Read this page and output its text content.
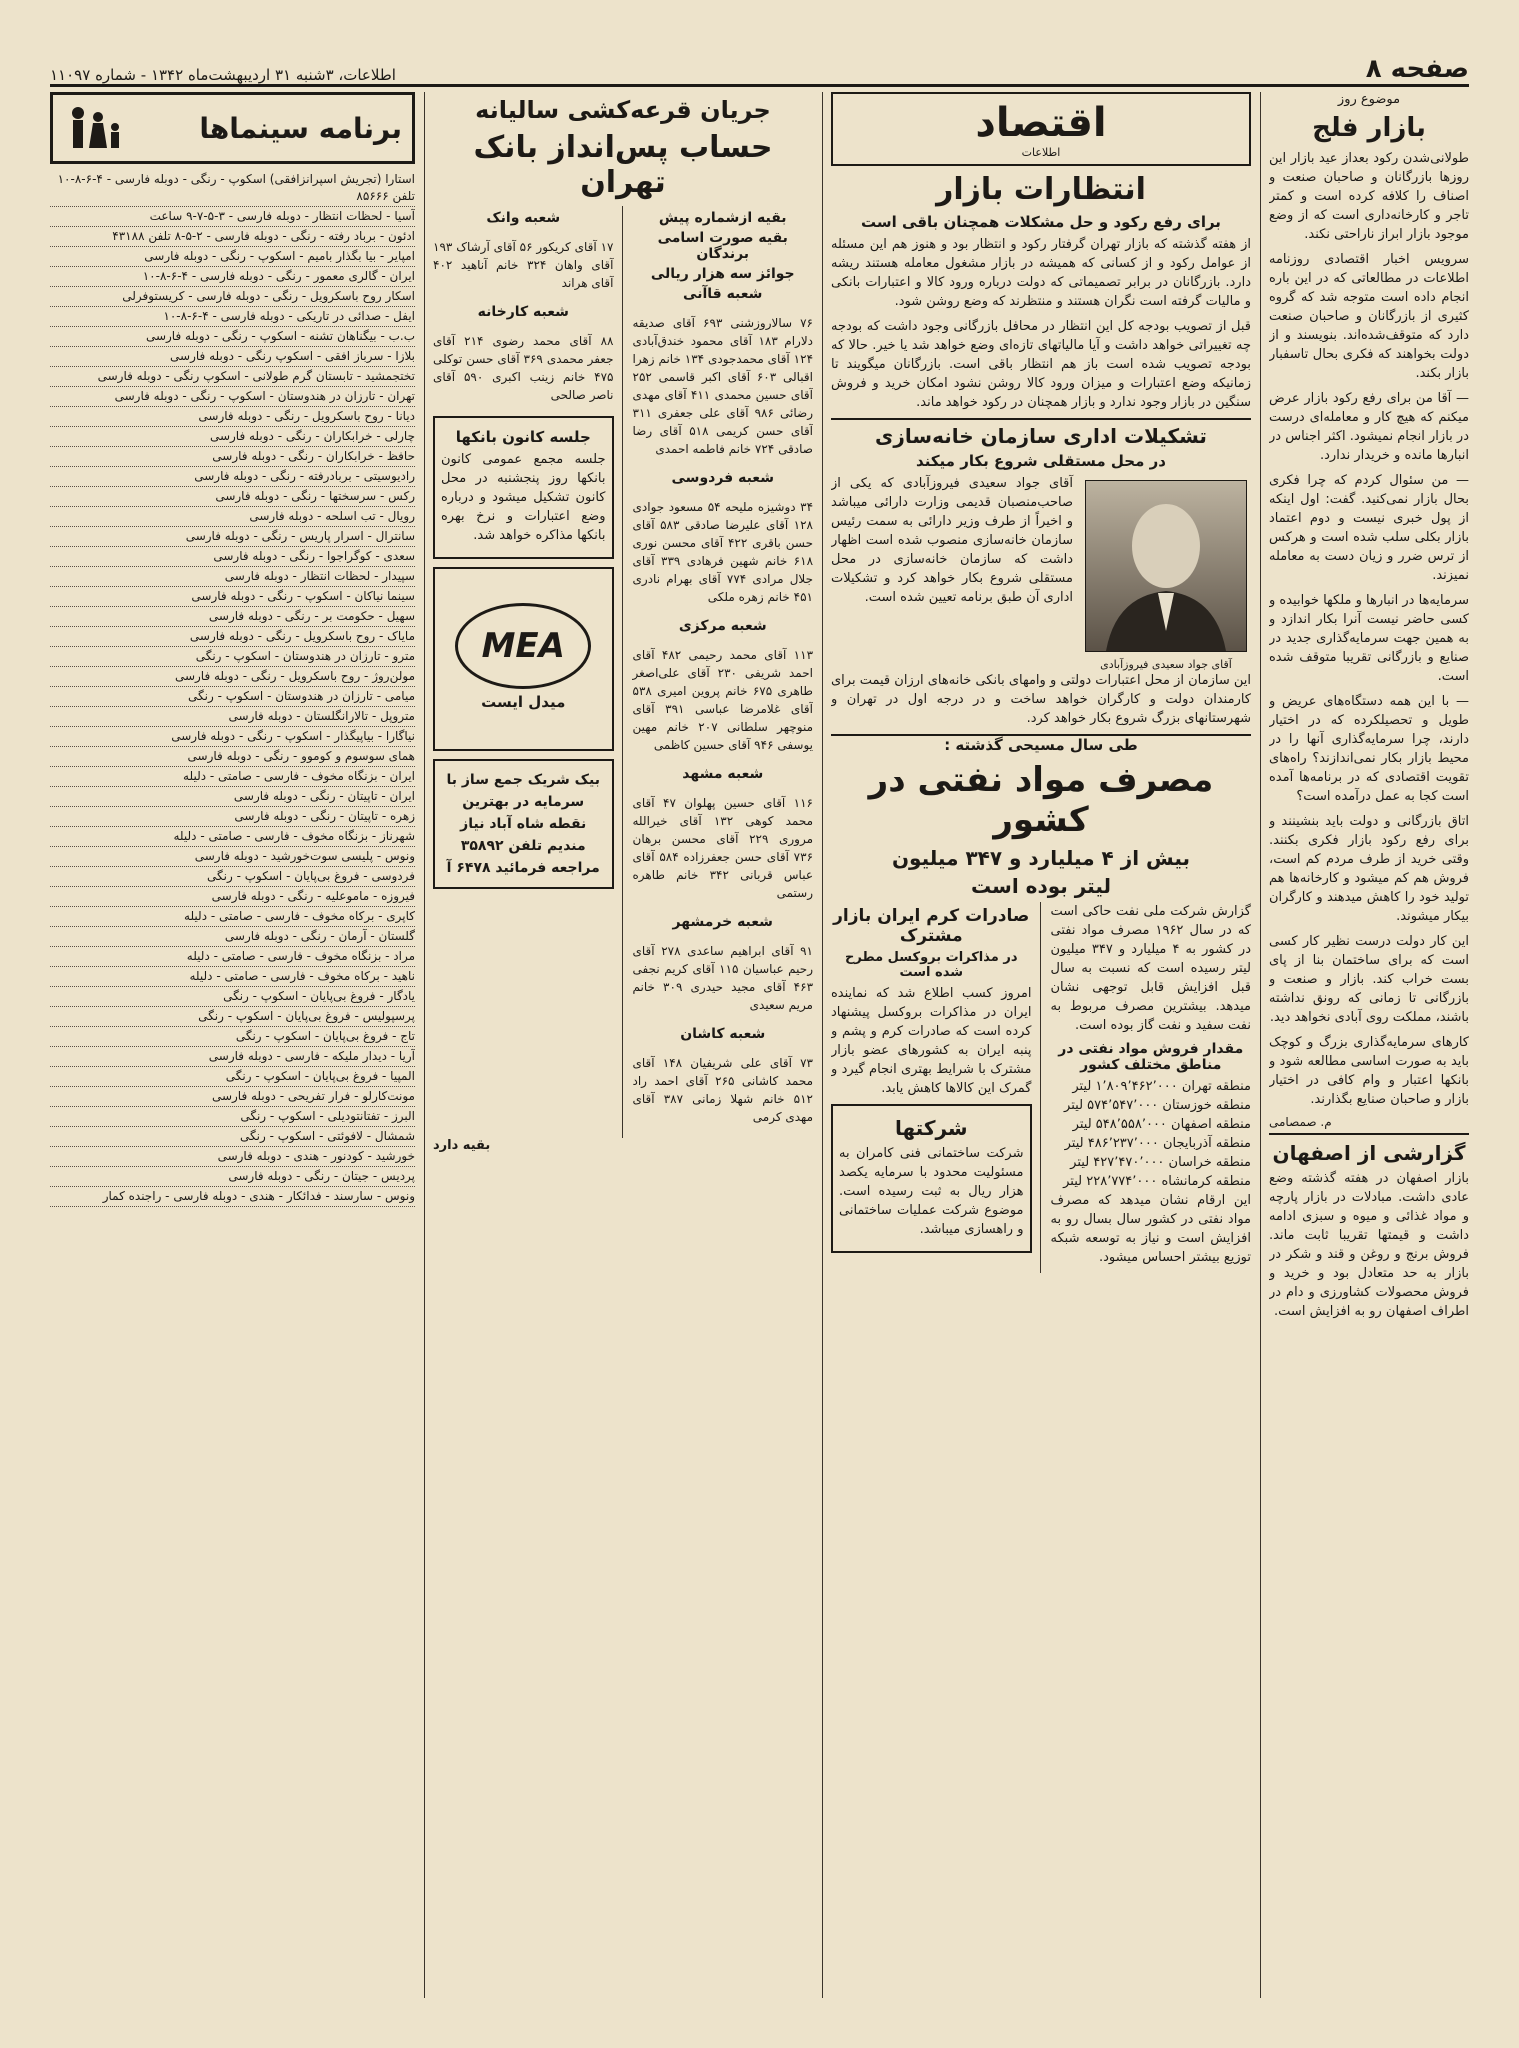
صفحه ۸
اطلاعات، ۳شنبه ۳۱ اردیبهشت‌ماه ۱۳۴۲ - شماره ۱۱۰۹۷
موضوع روز
بازار فلج

طولانی‌شدن رکود بعداز عید بازار این روزها بازرگانان و صاحبان صنعت و اصناف را کلافه کرده است و کمتر تاجر و کارخانه‌داری است که از وضع موجود بازار ابراز ناراحتی نکند.

سرویس اخبار اقتصادی روزنامه اطلاعات در مطالعاتی که در این باره انجام داده است متوجه شد که گروه کثیری از بازرگانان و صاحبان صنعت دارد که متوقف‌شده‌اند. بنویسند و از دولت بخواهند که فکری بحال تاسفبار بازار بکند.

— آقا من برای رفع رکود بازار عرض میکنم که هیچ کار و معامله‌ای درست در بازار انجام نمیشود. اکثر اجناس در انبارها مانده و خریدار ندارد.

— من سئوال کردم که چرا فکری بحال بازار نمی‌کنید. گفت: اول اینکه از پول خبری نیست و دوم اعتماد بازار بکلی سلب شده است و هرکس از ترس ضرر و زیان دست به معامله نمیزند.

سرمایه‌ها در انبارها و ملکها خوابیده و کسی حاضر نیست آنرا بکار اندازد و به همین جهت سرمایه‌گذاری جدید در صنایع و بازرگانی تقریبا متوقف شده است.

— با این همه دستگاه‌های عریض و طویل و تحصیلکرده که در اختیار دارند، چرا سرمایه‌گذاری آنها را در محیط بازار بکار نمی‌اندازند؟ راه‌های تقویت اقتصادی که در برنامه‌ها آمده است کجا به عمل درآمده است؟

اتاق بازرگانی و دولت باید بنشینند و برای رفع رکود بازار فکری بکنند. وقتی خرید از طرف مردم کم است، فروش هم کم میشود و کارخانه‌ها هم تولید خود را کاهش میدهند و کارگران بیکار میشوند.

این کار دولت درست نظیر کار کسی است که برای ساختمان بنا از پای بست خراب کند. بازار و صنعت و بازرگانی تا زمانی که رونق نداشته باشند، مملکت روی آبادی نخواهد دید.

کارهای سرمایه‌گذاری بزرگ و کوچک باید به صورت اساسی مطالعه شود و بانکها اعتبار و وام کافی در اختیار بازار و صاحبان صنایع بگذارند.

م. صمصامی
گزارشی از اصفهان

بازار اصفهان در هفته گذشته وضع عادی داشت. مبادلات در بازار پارچه و مواد غذائی و میوه و سبزی ادامه داشت و قیمتها تقریبا ثابت ماند. فروش برنج و روغن و قند و شکر در بازار به حد متعادل بود و خرید و فروش محصولات کشاورزی و دام در اطراف اصفهان رو به افزایش است.

اقتصاد
اطلاعات
انتظارات بازار
برای رفع رکود و حل مشکلات همچنان باقی است

از هفته گذشته که بازار تهران گرفتار رکود و انتظار بود و هنوز هم این مسئله از عوامل رکود و از کسانی که همیشه در بازار مشغول معامله هستند ریشه دارد. بازرگانان در برابر تصمیماتی که دولت درباره ورود کالا و اعتبارات بانکی و مالیات گرفته است نگران هستند و منتظرند که وضع روشن شود.

قبل از تصویب بودجه کل این انتظار در محافل بازرگانی وجود داشت که بودجه چه تغییراتی خواهد داشت و آیا مالیاتهای تازه‌ای وضع خواهد شد یا خیر. حالا که بودجه تصویب شده است باز هم انتظار باقی است. بازرگانان میگویند تا زمانیکه وضع اعتبارات و میزان ورود کالا روشن نشود امکان خرید و فروش سنگین در بازار وجود ندارد و بازار همچنان در رکود خواهد ماند.

تشکیلات اداری سازمان خانه‌سازی
در محل مستقلی شروع بکار میکند
آقای جواد سعیدی فیروزآبادی

آقای جواد سعیدی فیروزآبادی که یکی از صاحب‌منصبان قدیمی وزارت دارائی میباشد و اخیراً از طرف وزیر دارائی به سمت رئیس سازمان خانه‌سازی منصوب شده است اظهار داشت که سازمان خانه‌سازی در محل مستقلی شروع بکار خواهد کرد و تشکیلات اداری آن طبق برنامه تعیین شده است.

این سازمان از محل اعتبارات دولتی و وامهای بانکی خانه‌های ارزان قیمت برای کارمندان دولت و کارگران خواهد ساخت و در درجه اول در تهران و شهرستانهای بزرگ شروع بکار خواهد کرد.

طی سال مسیحی گذشته :
مصرف مواد نفتی در کشور
بیش از ۴ میلیارد و ۳۴۷ میلیون
لیتر بوده است

گزارش شرکت ملی نفت حاکی است که در سال ۱۹۶۲ مصرف مواد نفتی در کشور به ۴ میلیارد و ۳۴۷ میلیون لیتر رسیده است که نسبت به سال قبل افزایش قابل توجهی نشان میدهد. بیشترین مصرف مربوط به نفت سفید و نفت گاز بوده است.

مقدار فروش مواد نفتی در مناطق مختلف کشور
منطقه تهران ۱٬۸۰۹٬۴۶۲٬۰۰۰ لیتر
منطقه خوزستان ۵۷۴٬۵۴۷٬۰۰۰ لیتر
منطقه اصفهان ۵۴۸٬۵۵۸٬۰۰۰ لیتر
منطقه آذربایجان ۴۸۶٬۲۳۷٬۰۰۰ لیتر
منطقه خراسان ۴۲۷٬۴۷۰٬۰۰۰ لیتر
منطقه کرمانشاه ۲۲۸٬۷۷۴٬۰۰۰ لیتر

این ارقام نشان میدهد که مصرف مواد نفتی در کشور سال بسال رو به افزایش است و نیاز به توسعه شبکه توزیع بیشتر احساس میشود.

صادرات کرم ایران بازار مشترک
در مذاکرات بروکسل مطرح شده است

امروز کسب اطلاع شد که نماینده ایران در مذاکرات بروکسل پیشنهاد کرده است که صادرات کرم و پشم و پنبه ایران به کشورهای عضو بازار مشترک با شرایط بهتری انجام گیرد و گمرک این کالاها کاهش یابد.

شرکتها

شرکت ساختمانی فنی کامران به مسئولیت محدود با سرمایه یکصد هزار ریال به ثبت رسیده است. موضوع شرکت عملیات ساختمانی و راهسازی میباشد.

جریان قرعه‌کشی سالیانه
حساب پس‌انداز بانک تهران
بقیه ازشماره پیش
بقیه صورت اسامی برندگان
جوائز سه هزار ریالی
شعبه قاآنی

۷۶ سالاروزشنی ۶۹۳ آقای صدیقه دلارام ۱۸۳ آقای محمود خندق‌آبادی ۱۲۴ آقای محمدجودی ۱۳۴ خانم زهرا اقبالی ۶۰۳ آقای اکبر قاسمی ۲۵۲ آقای حسین محمدی ۴۱۱ آقای مهدی رضائی ۹۸۶ آقای علی جعفری ۳۱۱ آقای حسن کریمی ۵۱۸ آقای رضا صادقی ۷۲۴ خانم فاطمه احمدی

شعبه فردوسی

۳۴ دوشیزه ملیحه ۵۴ مسعود جوادی ۱۲۸ آقای علیرضا صادقی ۵۸۳ آقای حسن باقری ۴۲۲ آقای محسن نوری ۶۱۸ خانم شهین فرهادی ۳۳۹ آقای جلال مرادی ۷۷۴ آقای بهرام نادری ۴۵۱ خانم زهره ملکی

شعبه مرکزی

۱۱۳ آقای محمد رحیمی ۴۸۲ آقای احمد شریفی ۲۳۰ آقای علی‌اصغر طاهری ۶۷۵ خانم پروین امیری ۵۳۸ آقای غلامرضا عباسی ۳۹۱ آقای منوچهر سلطانی ۲۰۷ خانم مهین یوسفی ۹۴۶ آقای حسین کاظمی

شعبه مشهد

۱۱۶ آقای حسین پهلوان ۴۷ آقای محمد کوهی ۱۳۲ آقای خیرالله مروری ۲۲۹ آقای محسن برهان ۷۳۶ آقای حسن جعفرزاده ۵۸۴ آقای عباس قربانی ۳۴۲ خانم طاهره رستمی

شعبه خرمشهر

۹۱ آقای ابراهیم ساعدی ۲۷۸ آقای رحیم عباسیان ۱۱۵ آقای کریم نجفی ۴۶۳ آقای مجید حیدری ۳۰۹ خانم مریم سعیدی

شعبه کاشان

۷۳ آقای علی شریفیان ۱۴۸ آقای محمد کاشانی ۲۶۵ آقای احمد راد ۵۱۲ خانم شهلا زمانی ۳۸۷ آقای مهدی کرمی

شعبه وانک

۱۷ آقای کریکور ۵۶ آقای آرشاک ۱۹۳ آقای واهان ۳۲۴ خانم آناهید ۴۰۲ آقای هراند

شعبه کارخانه

۸۸ آقای محمد رضوی ۲۱۴ آقای جعفر محمدی ۳۶۹ آقای حسن توکلی ۴۷۵ خانم زینب اکبری ۵۹۰ آقای ناصر صالحی

جلسه کانون بانکها

جلسه مجمع عمومی کانون بانکها روز پنجشنبه در محل کانون تشکیل میشود و درباره وضع اعتبارات و نرخ بهره بانکها مذاکره خواهد شد.

MEA
میدل ایست
بیک شریک جمع ساز با سرمایه در بهترین نقطه شاه آباد نیاز مندیم تلفن ۳۵۸۹۲ مراجعه فرمائید ۶۴۷۸ آ
بقیه دارد
برنامه سینماها
استارا (تجریش اسپرانزافقی) اسکوپ - رنگی - دوبله فارسی - ۴-۶-۸-۱۰ تلفن ۸۵۶۶۶
آسیا - لحظات انتظار - دوبله فارسی - ۳-۵-۷-۹ ساعت
ادئون - برباد رفته - رنگی - دوبله فارسی - ۲-۵-۸ تلفن ۴۳۱۸۸
امپایر - بیا بگذار بامیم - اسکوپ - رنگی - دوبله فارسی
ایران - گالری معمور - رنگی - دوبله فارسی - ۴-۶-۸-۱۰
اسکار روح باسکرویل - رنگی - دوبله فارسی - کریستوفرلی
ایفل - صدائی در تاریکی - دوبله فارسی - ۴-۶-۸-۱۰
ب.ب - بیگناهان تشنه - اسکوپ - رنگی - دوبله فارسی
بلازا - سرباز افقی - اسکوپ رنگی - دوبله فارسی
تختجمشید - تابستان گرم طولانی - اسکوپ رنگی - دوبله فارسی
تهران - تارزان در هندوستان - اسکوپ - رنگی - دوبله فارسی
دیانا - روح باسکرویل - رنگی - دوبله فارسی
چارلی - خرابکاران - رنگی - دوبله فارسی
حافظ - خرابکاران - رنگی - دوبله فارسی
رادیوسیتی - بربادرفته - رنگی - دوبله فارسی
رکس - سرسختها - رنگی - دوبله فارسی
رویال - تب اسلحه - دوبله فارسی
سانترال - اسرار پاریس - رنگی - دوبله فارسی
سعدی - کوگراجوا - رنگی - دوبله فارسی
سپیدار - لحظات انتظار - دوبله فارسی
سینما نیاکان - اسکوپ - رنگی - دوبله فارسی
سهیل - حکومت بر - رنگی - دوبله فارسی
مایاک - روح باسکرویل - رنگی - دوبله فارسی
مترو - تارزان در هندوستان - اسکوپ - رنگی
مولن‌روژ - روح باسکرویل - رنگی - دوبله فارسی
میامی - تارزان در هندوستان - اسکوپ - رنگی
متروپل - تالارانگلستان - دوبله فارسی
نیاگارا - بیاپیگذار - اسکوپ - رنگی - دوبله فارسی
همای سوسوم و کوموو - رنگی - دوبله فارسی
ایران - بزنگاه مخوف - فارسی - صامتی - دلیله
ایران - تاپیتان - رنگی - دوبله فارسی
زهره - تاپیتان - رنگی - دوبله فارسی
شهرناز - بزنگاه مخوف - فارسی - صامتی - دلیله
ونوس - پلیسی سوت‌خورشید - دوبله فارسی
فردوسی - فروغ بی‌پایان - اسکوپ - رنگی
فیروزه - ماموعلیه - رنگی - دوبله فارسی
کاپری - برکاه مخوف - فارسی - صامتی - دلیله
گلستان - آرمان - رنگی - دوبله فارسی
مراد - بزنگاه مخوف - فارسی - صامتی - دلیله
ناهید - برکاه مخوف - فارسی - صامتی - دلیله
یادگار - فروغ بی‌پایان - اسکوپ - رنگی
پرسپولیس - فروغ بی‌پایان - اسکوپ - رنگی
تاج - فروغ بی‌پایان - اسکوپ - رنگی
آریا - دیدار ملیکه - فارسی - دوبله فارسی
المپیا - فروغ بی‌پایان - اسکوپ - رنگی
مونت‌کارلو - فرار تفریحی - دوبله فارسی
البرز - تفتانتودیلی - اسکوپ - رنگی
شمشال - لافوئتی - اسکوپ - رنگی
خورشید - کودنور - هندی - دوبله فارسی
پردیس - جیتان - رنگی - دوبله فارسی
ونوس - سارسند - فدائکار - هندی - دوبله فارسی - راجنده کمار
